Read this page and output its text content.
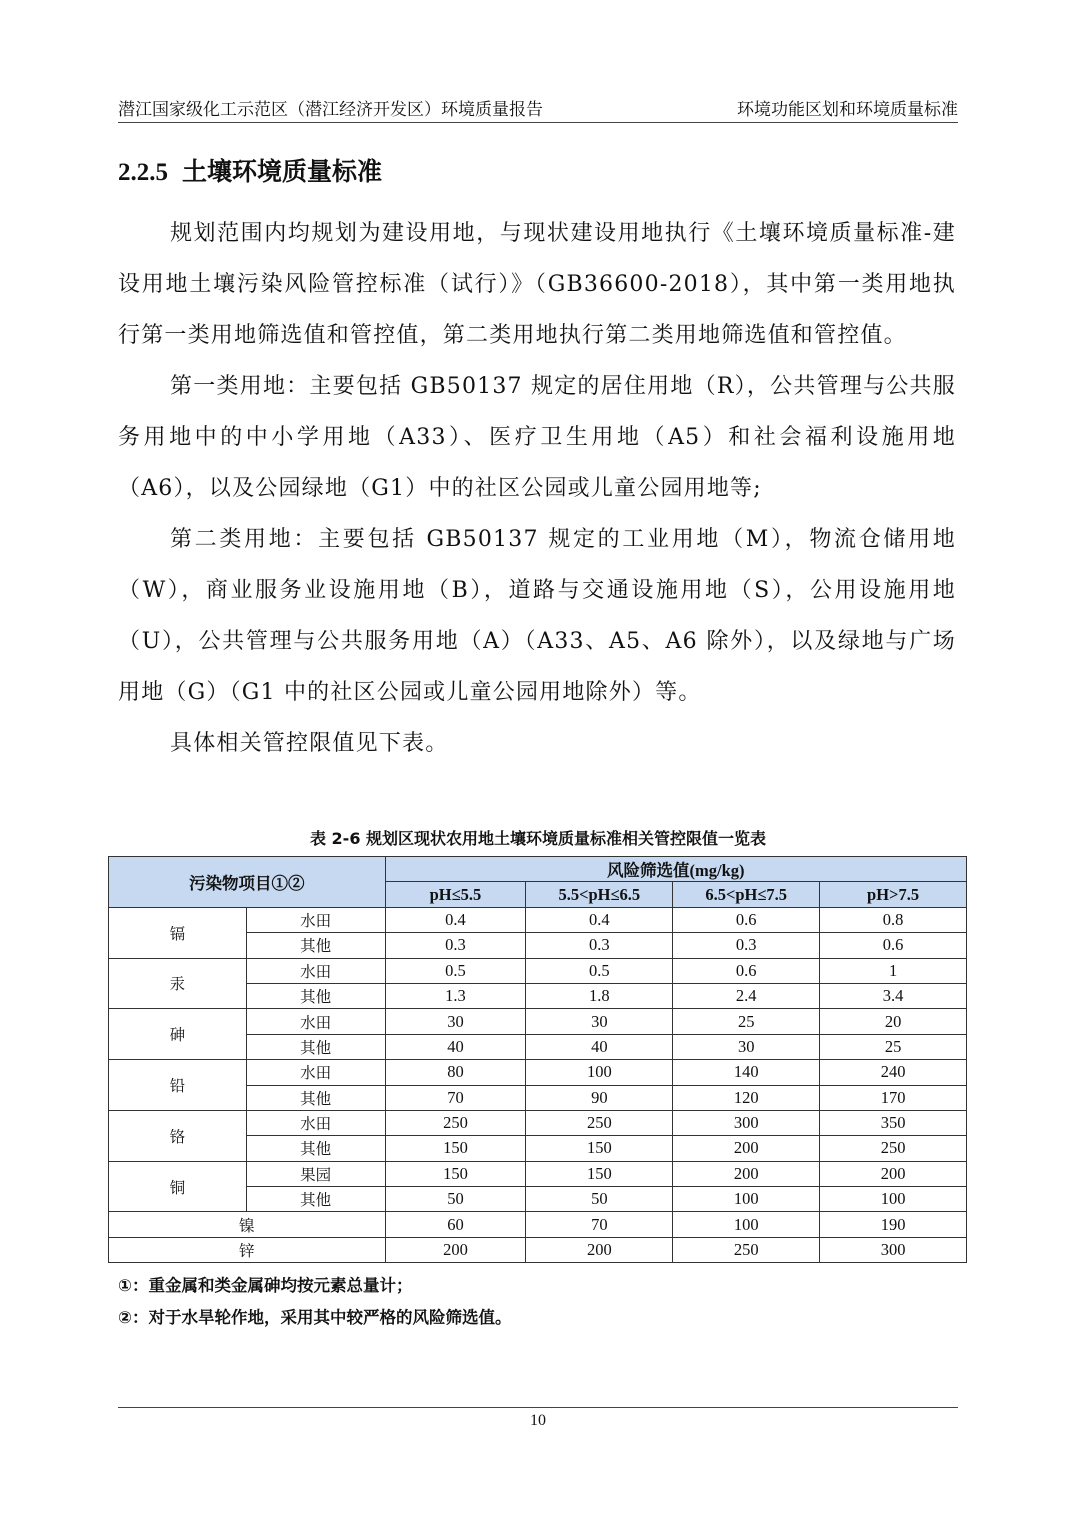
潜江国家级化工示范区（潜江经济开发区）环境质量报告	环境功能区划和环境质量标准
2.2.5 土壤环境质量标准

规划范围内均规划为建设用地，与现状建设用地执行《土壤环境质量标准-建设用地土壤污染风险管控标准（试行）》（GB36600-2018），其中第一类用地执行第一类用地筛选值和管控值，第二类用地执行第二类用地筛选值和管控值。

第一类用地：主要包括 GB50137 规定的居住用地（R），公共管理与公共服务用地中的中小学用地（A33）、医疗卫生用地（A5）和社会福利设施用地（A6），以及公园绿地（G1）中的社区公园或儿童公园用地等;

第二类用地：主要包括 GB50137 规定的工业用地（M），物流仓储用地（W），商业服务业设施用地（B），道路与交通设施用地（S），公用设施用地（U），公共管理与公共服务用地（A）（A33、A5、A6 除外），以及绿地与广场用地（G）（G1 中的社区公园或儿童公园用地除外）等。

具体相关管控限值见下表。

表 2-6 规划区现状农用地土壤环境质量标准相关管控限值一览表
污染物项目①②		风险筛选值(mg/kg)			
		pH≤5.5	5.5<pH≤6.5	6.5<pH≤7.5	pH>7.5
镉	水田	0.4	0.4	0.6	0.8
	其他	0.3	0.3	0.3	0.6
汞	水田	0.5	0.5	0.6	1
	其他	1.3	1.8	2.4	3.4
砷	水田	30	30	25	20
	其他	40	40	30	25
铅	水田	80	100	140	240
	其他	70	90	120	170
铬	水田	250	250	300	350
	其他	150	150	200	250
铜	果园	150	150	200	200
	其他	50	50	100	100
镍		60	70	100	190
锌		200	200	250	300
①：重金属和类金属砷均按元素总量计；
②：对于水旱轮作地，采用其中较严格的风险筛选值。
10
